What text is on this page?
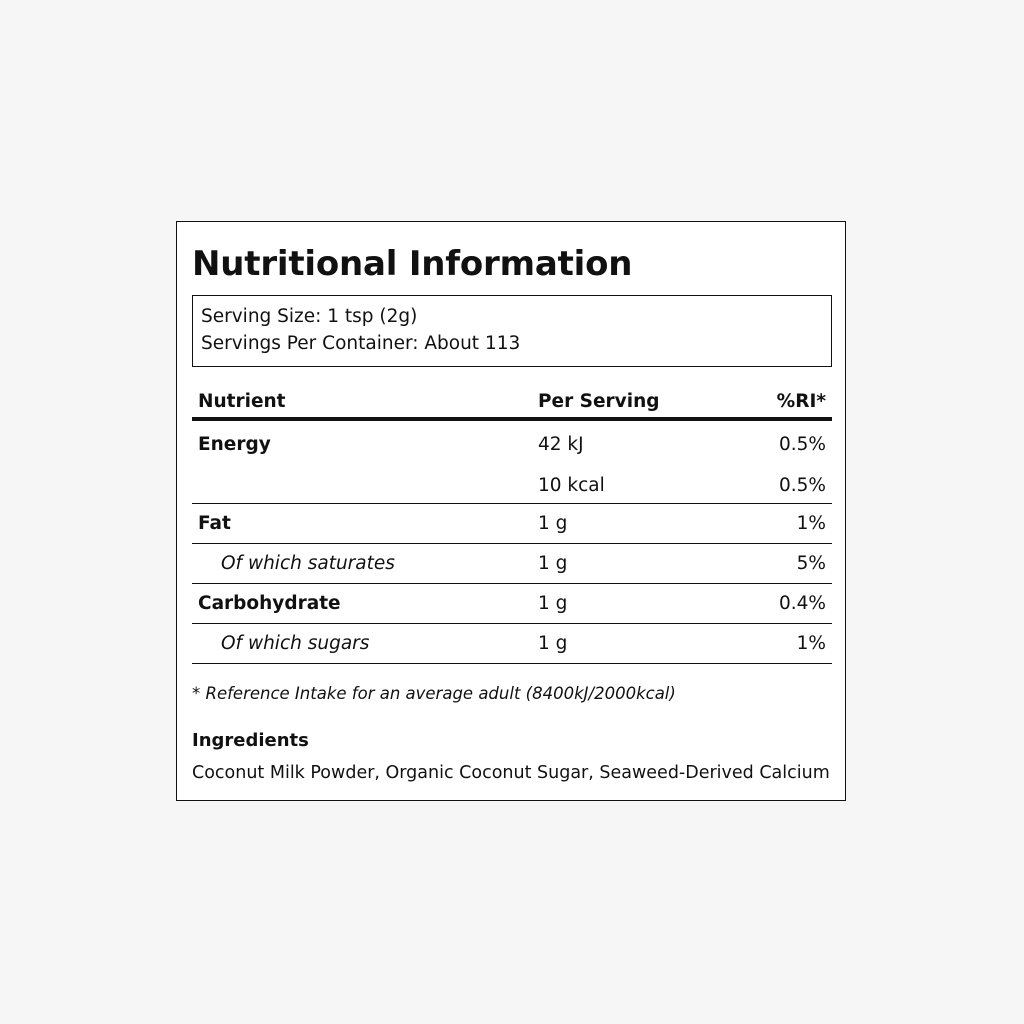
Nutritional Information
Serving Size: 1 tsp (2g)
Servings Per Container: About 113
Nutrient	Per Serving	%RI*
Energy	42 kJ	0.5%
	10 kcal	0.5%
Fat	1 g	1%
Of which saturates	1 g	5%
Carbohydrate	1 g	0.4%
Of which sugars	1 g	1%
* Reference Intake for an average adult (8400kJ/2000kcal)
Ingredients
Coconut Milk Powder, Organic Coconut Sugar, Seaweed-Derived Calcium
